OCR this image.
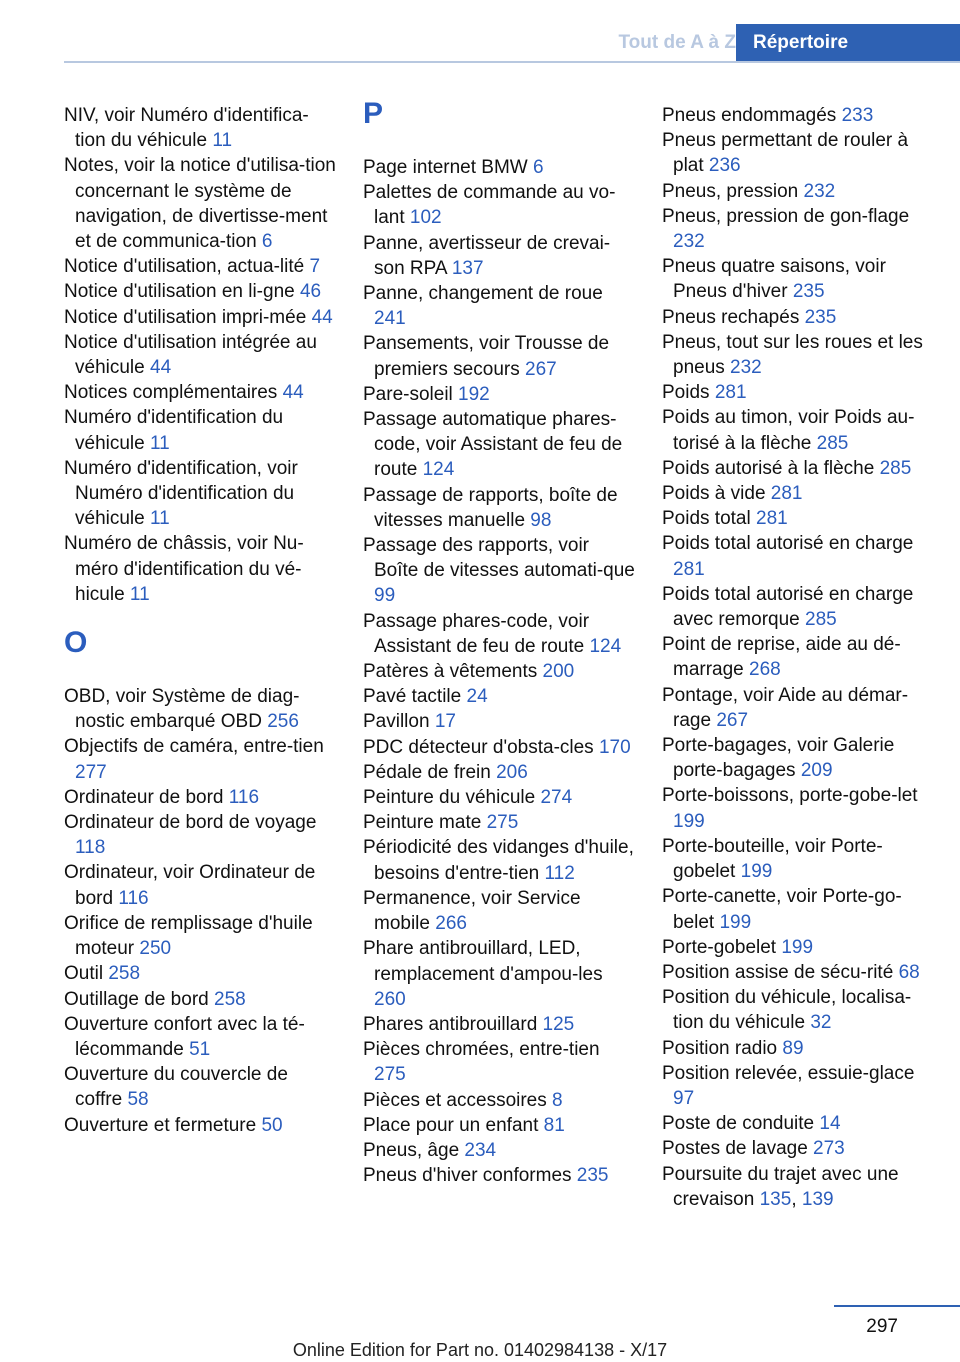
Tout de A à Z Répertoire
NIV, voir Numéro d'identifica-tion du véhicule 11
Notes, voir la notice d'utilisa-tion concernant le système de navigation, de divertisse-ment et de communica-tion 6
Notice d'utilisation, actua-lité 7
Notice d'utilisation en li-gne 46
Notice d'utilisation impri-mée 44
Notice d'utilisation intégrée au véhicule 44
Notices complémentaires 44
Numéro d'identification du véhicule 11
Numéro d'identification, voir Numéro d'identification du véhicule 11
Numéro de châssis, voir Nu-méro d'identification du vé-hicule 11
O
OBD, voir Système de diag-nostic embarqué OBD 256
Objectifs de caméra, entre-tien 277
Ordinateur de bord 116
Ordinateur de bord de voyage 118
Ordinateur, voir Ordinateur de bord 116
Orifice de remplissage d'huile moteur 250
Outil 258
Outillage de bord 258
Ouverture confort avec la té-lécommande 51
Ouverture du couvercle de coffre 58
Ouverture et fermeture 50
P
Page internet BMW 6
Palettes de commande au vo-lant 102
Panne, avertisseur de crevai-son RPA 137
Panne, changement de roue 241
Pansements, voir Trousse de premiers secours 267
Pare-soleil 192
Passage automatique phares-code, voir Assistant de feu de route 124
Passage de rapports, boîte de vitesses manuelle 98
Passage des rapports, voir Boîte de vitesses automati-que 99
Passage phares-code, voir Assistant de feu de route 124
Patères à vêtements 200
Pavé tactile 24
Pavillon 17
PDC détecteur d'obsta-cles 170
Pédale de frein 206
Peinture du véhicule 274
Peinture mate 275
Périodicité des vidanges d'huile, besoins d'entre-tien 112
Permanence, voir Service mobile 266
Phare antibrouillard, LED, remplacement d'ampou-les 260
Phares antibrouillard 125
Pièces chromées, entre-tien 275
Pièces et accessoires 8
Place pour un enfant 81
Pneus, âge 234
Pneus d'hiver conformes 235
Pneus endommagés 233
Pneus permettant de rouler à plat 236
Pneus, pression 232
Pneus, pression de gon-flage 232
Pneus quatre saisons, voir Pneus d'hiver 235
Pneus rechapés 235
Pneus, tout sur les roues et les pneus 232
Poids 281
Poids au timon, voir Poids au-torisé à la flèche 285
Poids autorisé à la flèche 285
Poids à vide 281
Poids total 281
Poids total autorisé en charge 281
Poids total autorisé en charge avec remorque 285
Point de reprise, aide au dé-marrage 268
Pontage, voir Aide au démar-rage 267
Porte-bagages, voir Galerie porte-bagages 209
Porte-boissons, porte-gobe-let 199
Porte-bouteille, voir Porte-gobelet 199
Porte-canette, voir Porte-go-belet 199
Porte-gobelet 199
Position assise de sécu-rité 68
Position du véhicule, localisa-tion du véhicule 32
Position radio 89
Position relevée, essuie-glace 97
Poste de conduite 14
Postes de lavage 273
Poursuite du trajet avec une crevaison 135, 139
297
Online Edition for Part no. 01402984138 - X/17
